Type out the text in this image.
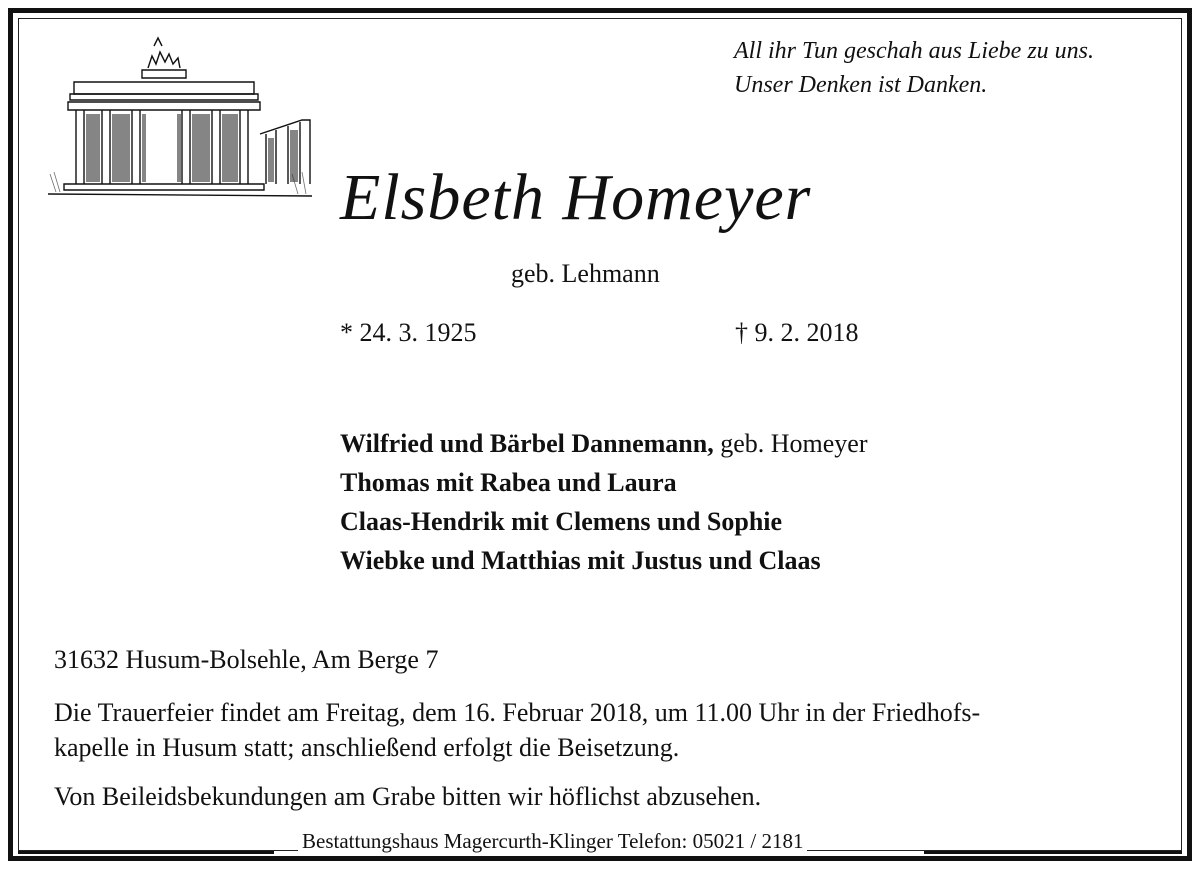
All ihr Tun geschah aus Liebe zu uns.
Unser Denken ist Danken.
Elsbeth Homeyer
geb. Lehmann
* 24. 3. 1925	† 9. 2. 2018
Wilfried und Bärbel Dannemann, geb. Homeyer
Thomas mit Rabea und Laura
Claas-Hendrik mit Clemens und Sophie
Wiebke und Matthias mit Justus und Claas
31632 Husum-Bolsehle, Am Berge 7
Die Trauerfeier findet am Freitag, dem 16. Februar 2018, um 11.00 Uhr in der Friedhofs-
kapelle in Husum statt; anschließend erfolgt die Beisetzung.
Von Beileidsbekundungen am Grabe bitten wir höflichst abzusehen.
Bestattungshaus Magercurth-Klinger Telefon: 05021 / 2181
